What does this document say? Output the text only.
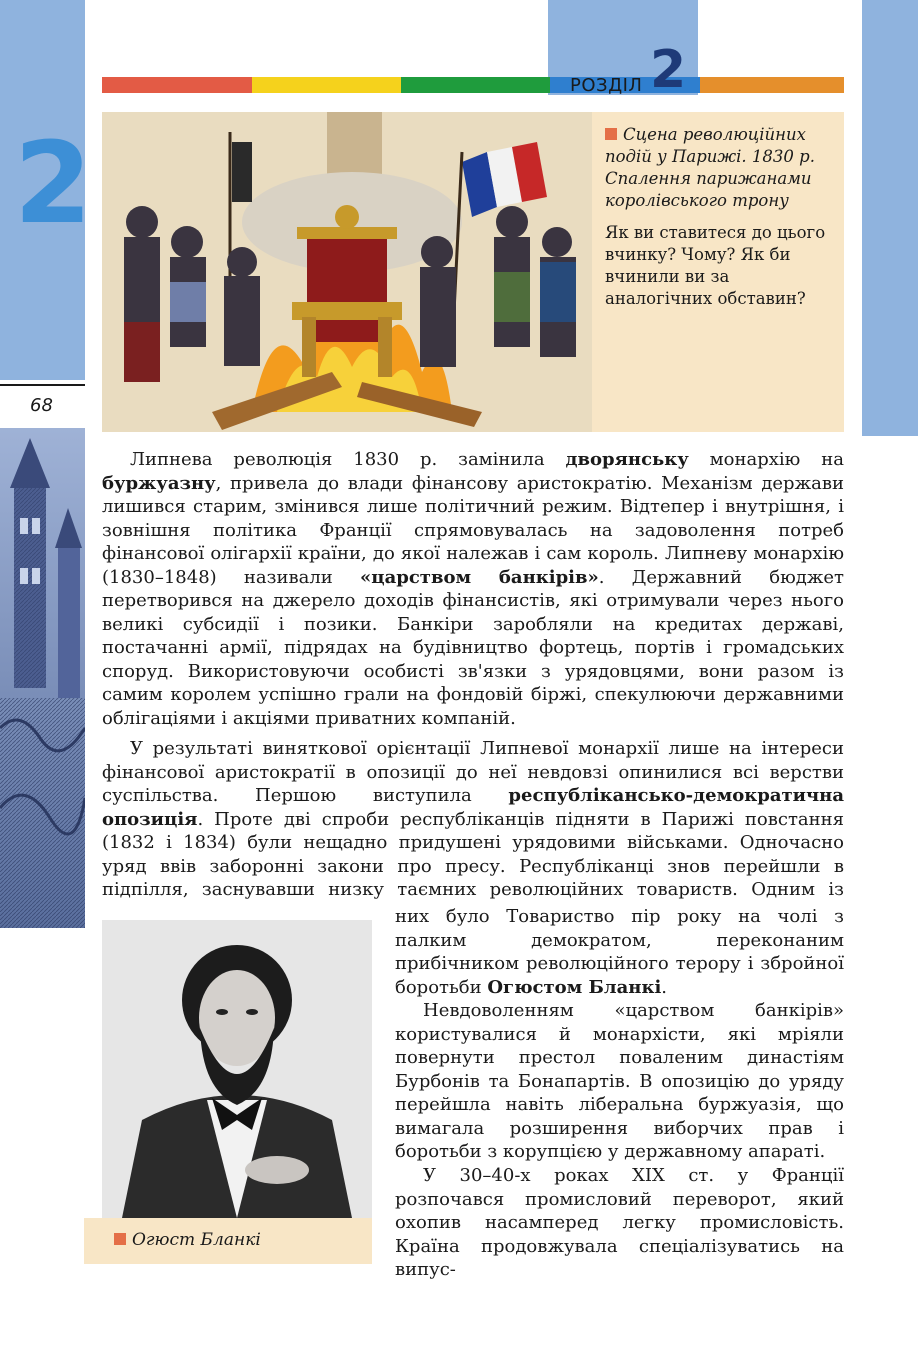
2
68
РОЗДІЛ 2
Сцена революційних подій у Парижі. 1830 р. Спалення парижанами королівського трону
Як ви ставитеся до цього вчинку? Чому? Як би вчинили ви за аналогічних обставин?

Липнева революція 1830 р. замінила дворянську монархію на буржуазну, привела до влади фінансову аристократію. Механізм держави лишився старим, змінився лише політичний режим. Відтепер і внутрішня, і зовнішня політика Франції спрямовувалась на задоволення потреб фінансової олігархії країни, до якої належав і сам король. Липневу монархію (1830–1848) називали «царством банкірів». Державний бюджет перетворився на джерело доходів фінансистів, які отримували через нього великі субсидії і позики. Банкіри заробляли на кредитах державі, постачанні армії, підрядах на будівництво фортець, портів і громадських споруд. Використовуючи особисті зв'язки з урядовцями, вони разом із самим королем успішно грали на фондовій біржі, спекулюючи державними облігаціями і акціями приватних компаній.

У результаті виняткової орієнтації Липневої монархії лише на інтереси фінансової аристократії в опозиції до неї невдовзі опинилися всі верстви суспільства. Першою виступила республікансько-демократична опозиція. Проте дві спроби республіканців підняти в Парижі повстання (1832 і 1834) були нещадно придушені урядовими військами. Одночасно уряд ввів заборонні закони про пресу. Республіканці знов перейшли в підпілля, заснувавши низку таємних революційних товариств. Одним із

них було Товариство пір року на чолі з палким демократом, переконаним прибічником революційного терору і збройної боротьби Огюстом Бланкі.

Невдоволенням «царством банкірів» користувалися й монархісти, які мріяли повернути престол поваленим династіям Бурбонів та Бонапартів. В опозицію до уряду перейшла навіть ліберальна буржуазія, що вимагала розширення виборчих прав і боротьби з корупцією у державному апараті.

У 30–40-х роках XIX ст. у Франції розпочався промисловий переворот, який охопив насамперед легку промисловість. Країна продовжувала спеціалізуватись на випус-

Огюст Бланкі
